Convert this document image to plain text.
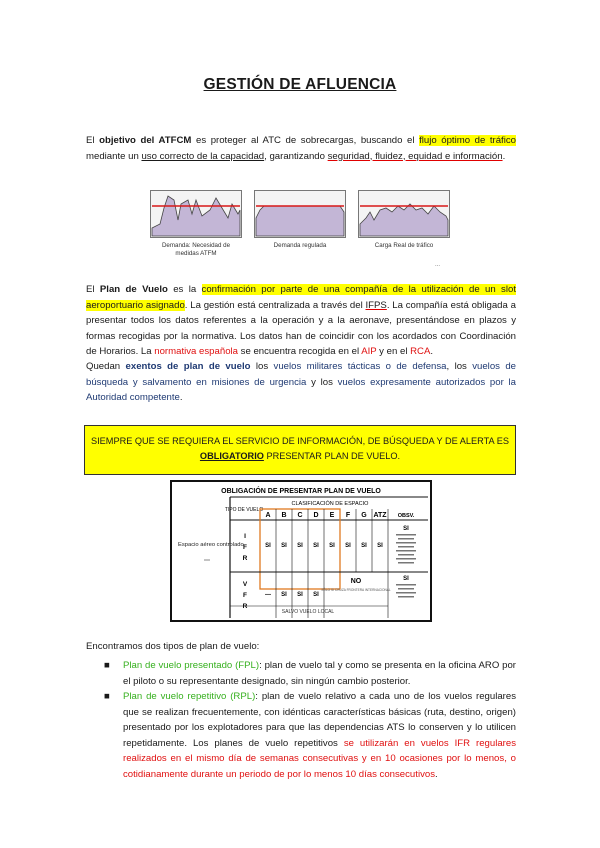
GESTIÓN DE AFLUENCIA
El objetivo del ATFCM es proteger al ATC de sobrecargas, buscando el flujo óptimo de tráfico mediante un uso correcto de la capacidad, garantizando seguridad, fluidez, equidad e información.
Demanda: Necesidad de medidas ATFM
Demanda regulada	Carga Real de tráfico
...
El Plan de Vuelo es la confirmación por parte de una compañía de la utilización de un slot aeroportuario asignado. La gestión está centralizada a través del IFPS. La compañía está obligada a presentar todos los datos referentes a la operación y a la aeronave, presentándose en plazos y formas recogidas por la normativa. Los datos han de coincidir con los acordados con Coordinación de Horarios. La normativa española se encuentra recogida en el AIP y en el RCA.
Quedan exentos de plan de vuelo los vuelos militares tácticas o de defensa, los vuelos de búsqueda y salvamento en misiones de urgencia y los vuelos expresamente autorizados por la Autoridad competente.
SIEMPRE QUE SE REQUIERA EL SERVICIO DE INFORMACIÓN, DE BÚSQUEDA Y DE ALERTA ES
OBLIGATORIO PRESENTAR PLAN DE VUELO.
OBLIGACIÓN DE PRESENTAR PLAN DE VUELO
CLASIFICACIÓN DE ESPACIO
TIPO DE VUELO
A B C D E F G ATZ OBSV.
I
F
R
SI SI SI SI SI SI SI SI
SI
V
F
R
— SI SI SI
NO	SI
SÓLO SI CRUZA FRONTERA INTERNACIONAL
SALVO VUELO LOCAL
Espacio aéreo controlado
Encontramos dos tipos de plan de vuelo:
■ Plan de vuelo presentado (FPL): plan de vuelo tal y como se presenta en la oficina ARO por el piloto o su representante designado, sin ningún cambio posterior.
■ Plan de vuelo repetitivo (RPL): plan de vuelo relativo a cada uno de los vuelos regulares que se realizan frecuentemente, con idénticas características básicas (ruta, destino, origen) presentado por los explotadores para que las dependencias ATS lo conserven y lo utilicen repetidamente. Los planes de vuelo repetitivos se utilizarán en vuelos IFR regulares realizados en el mismo día de semanas consecutivas y en 10 ocasiones por lo menos, o cotidianamente durante un periodo de por lo menos 10 días consecutivos.
